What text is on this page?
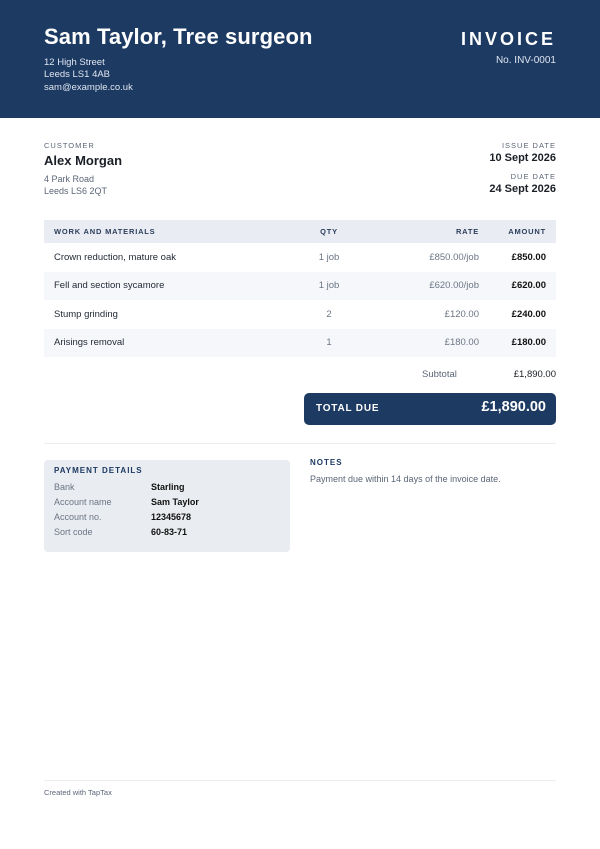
Sam Taylor, Tree surgeon
12 High Street
Leeds LS1 4AB
sam@example.co.uk
INVOICE
No. INV-0001
CUSTOMER
Alex Morgan
4 Park Road
Leeds LS6 2QT
ISSUE DATE
10 Sept 2026
DUE DATE
24 Sept 2026
WORK AND MATERIALS	QTY	RATE	AMOUNT
Crown reduction, mature oak	1 job	£850.00/job	£850.00
Fell and section sycamore	1 job	£620.00/job	£620.00
Stump grinding	2	£120.00	£240.00
Arisings removal	1	£180.00	£180.00
Subtotal	£1,890.00
TOTAL DUE	£1,890.00
PAYMENT DETAILS
Bank	Starling
Account name	Sam Taylor
Account no.	12345678
Sort code	60-83-71
NOTES
Payment due within 14 days of the invoice date.
Created with TapTax
